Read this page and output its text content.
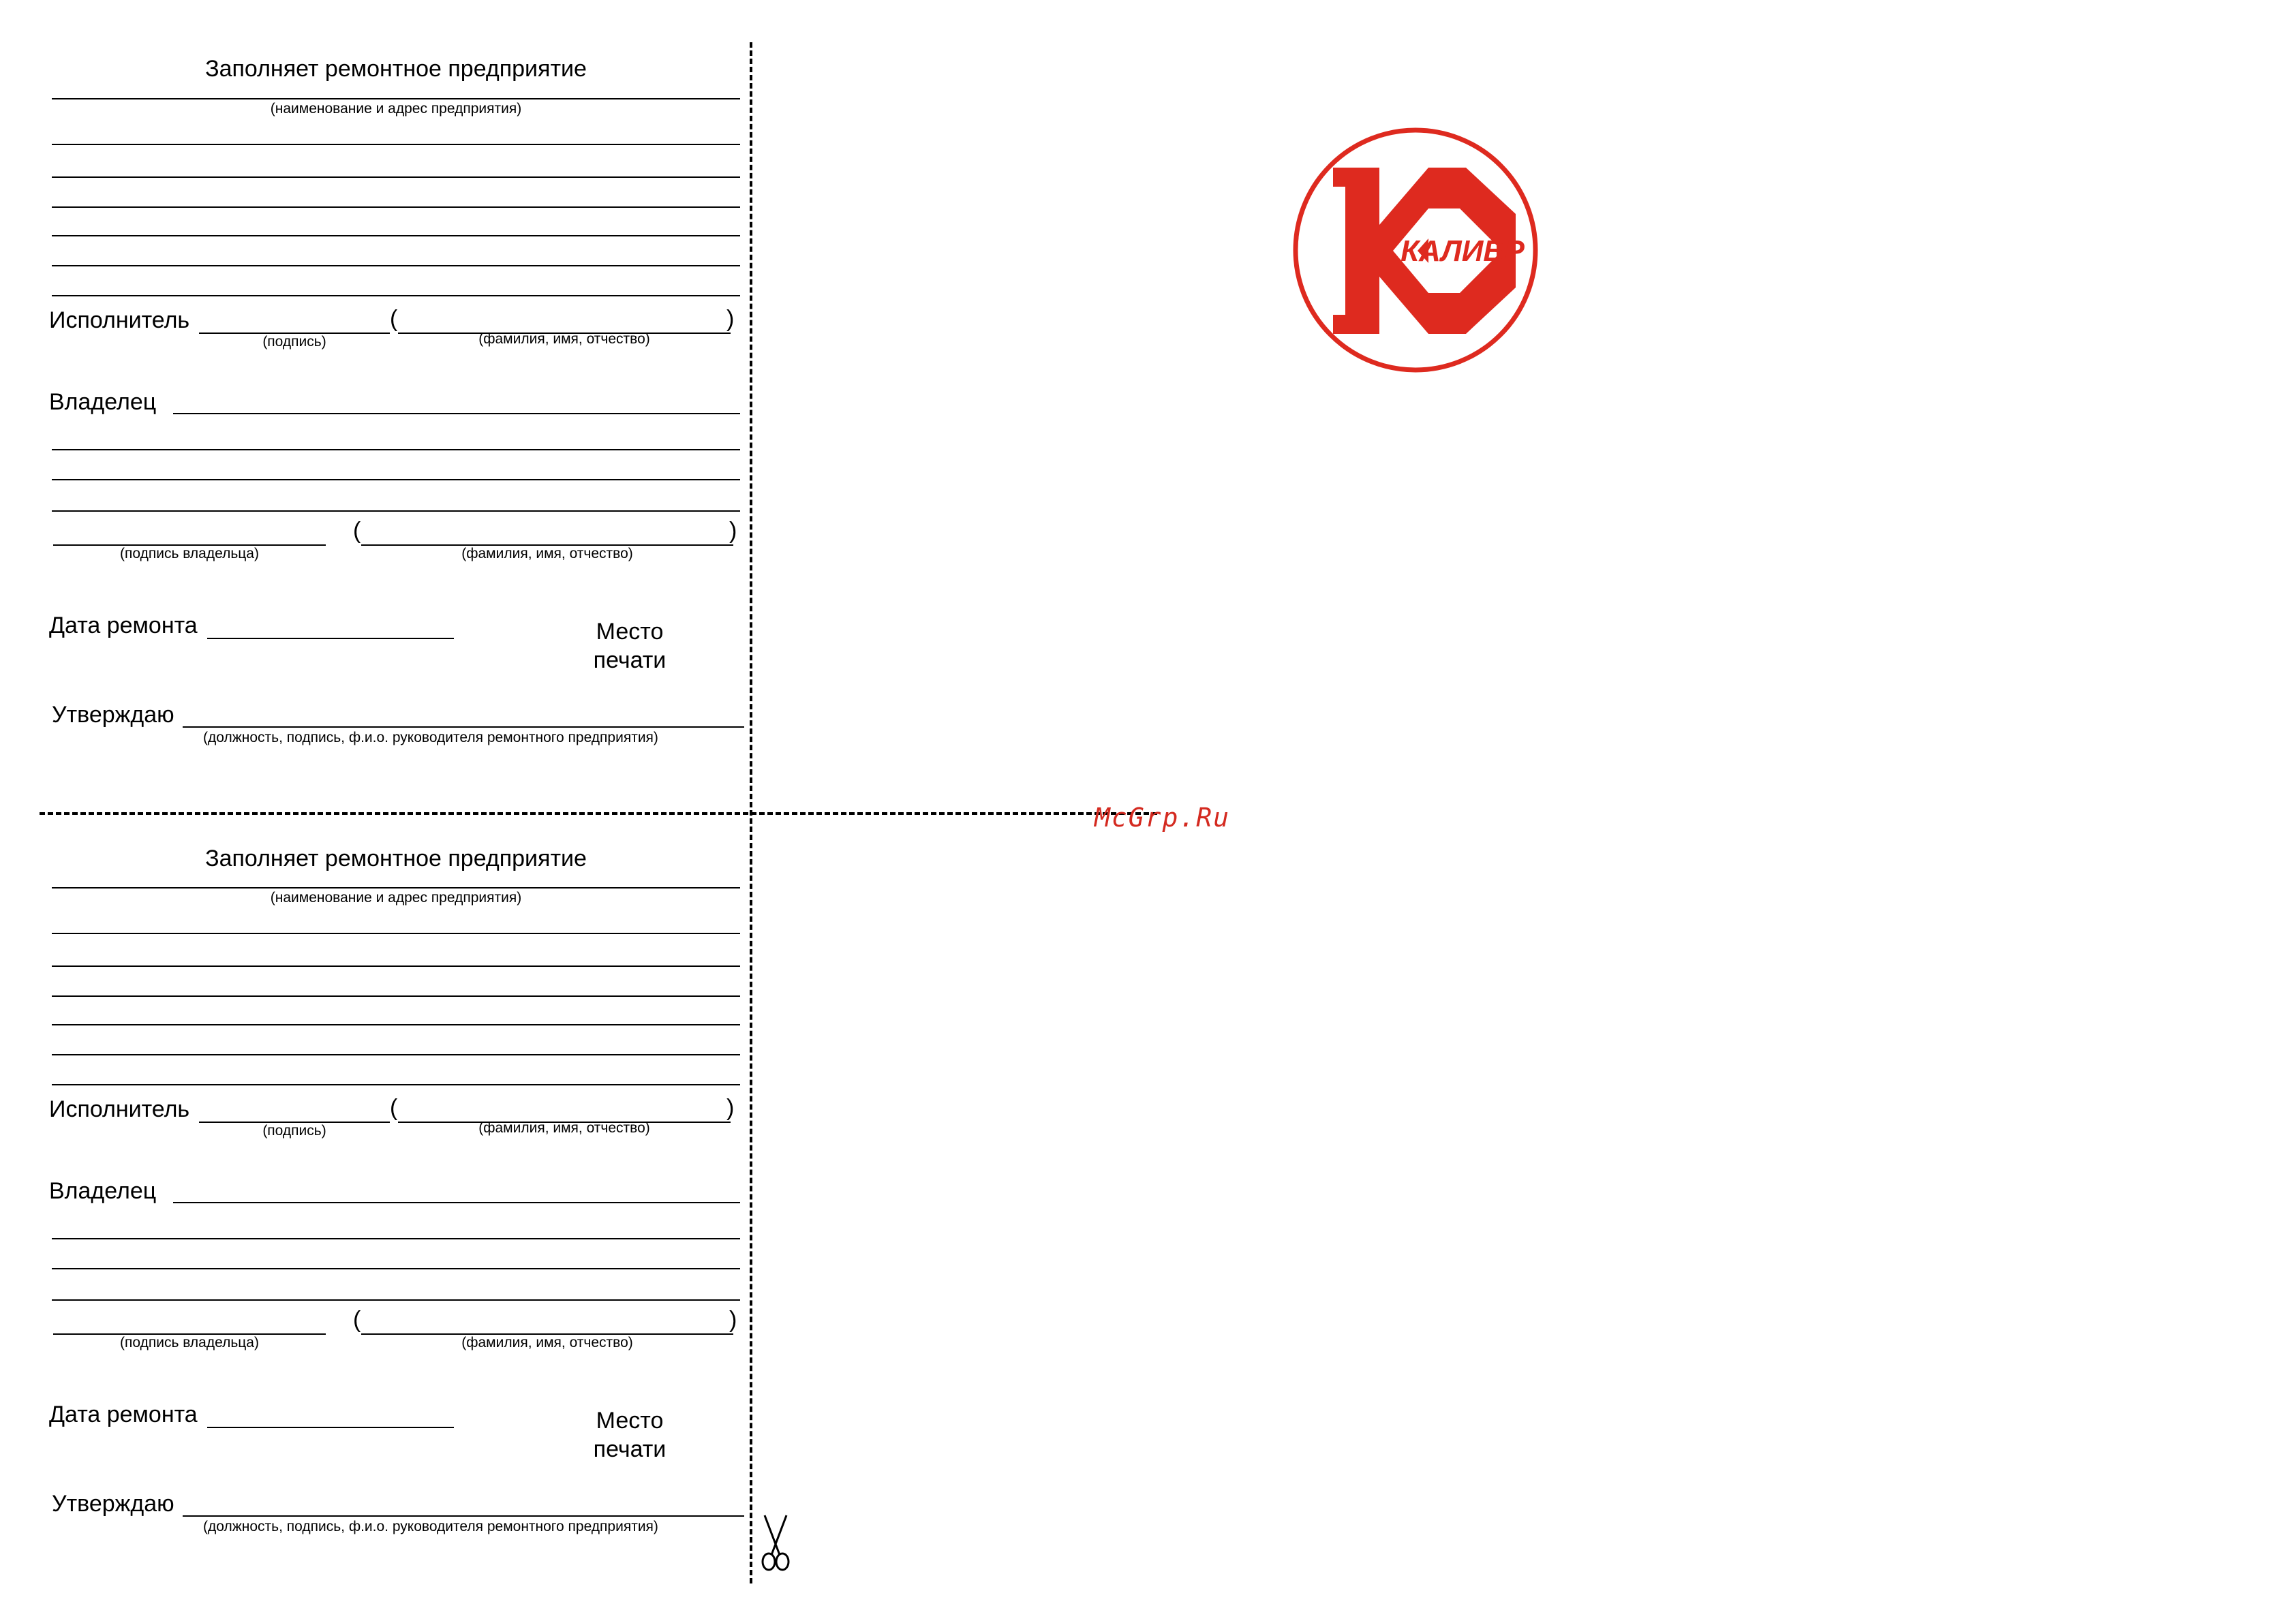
Заполняет ремонтное предприятие
(наименование и адрес предприятия)
Исполнитель	(	)
(подпись)	(фамилия, имя, отчество)
Владелец
(	)
(подпись владельца)	(фамилия, имя, отчество)
Дата ремонта	Место
печати
Утверждаю
(должность, подпись, ф.и.о. руководителя ремонтного предприятия)
Заполняет ремонтное предприятие
(наименование и адрес предприятия)
Исполнитель	(	)
(подпись)	(фамилия, имя, отчество)
Владелец
(	)
(подпись владельца)	(фамилия, имя, отчество)
Дата ремонта	Место
печати
Утверждаю
(должность, подпись, ф.и.о. руководителя ремонтного предприятия)
КАЛИБР
McGrp.Ru
